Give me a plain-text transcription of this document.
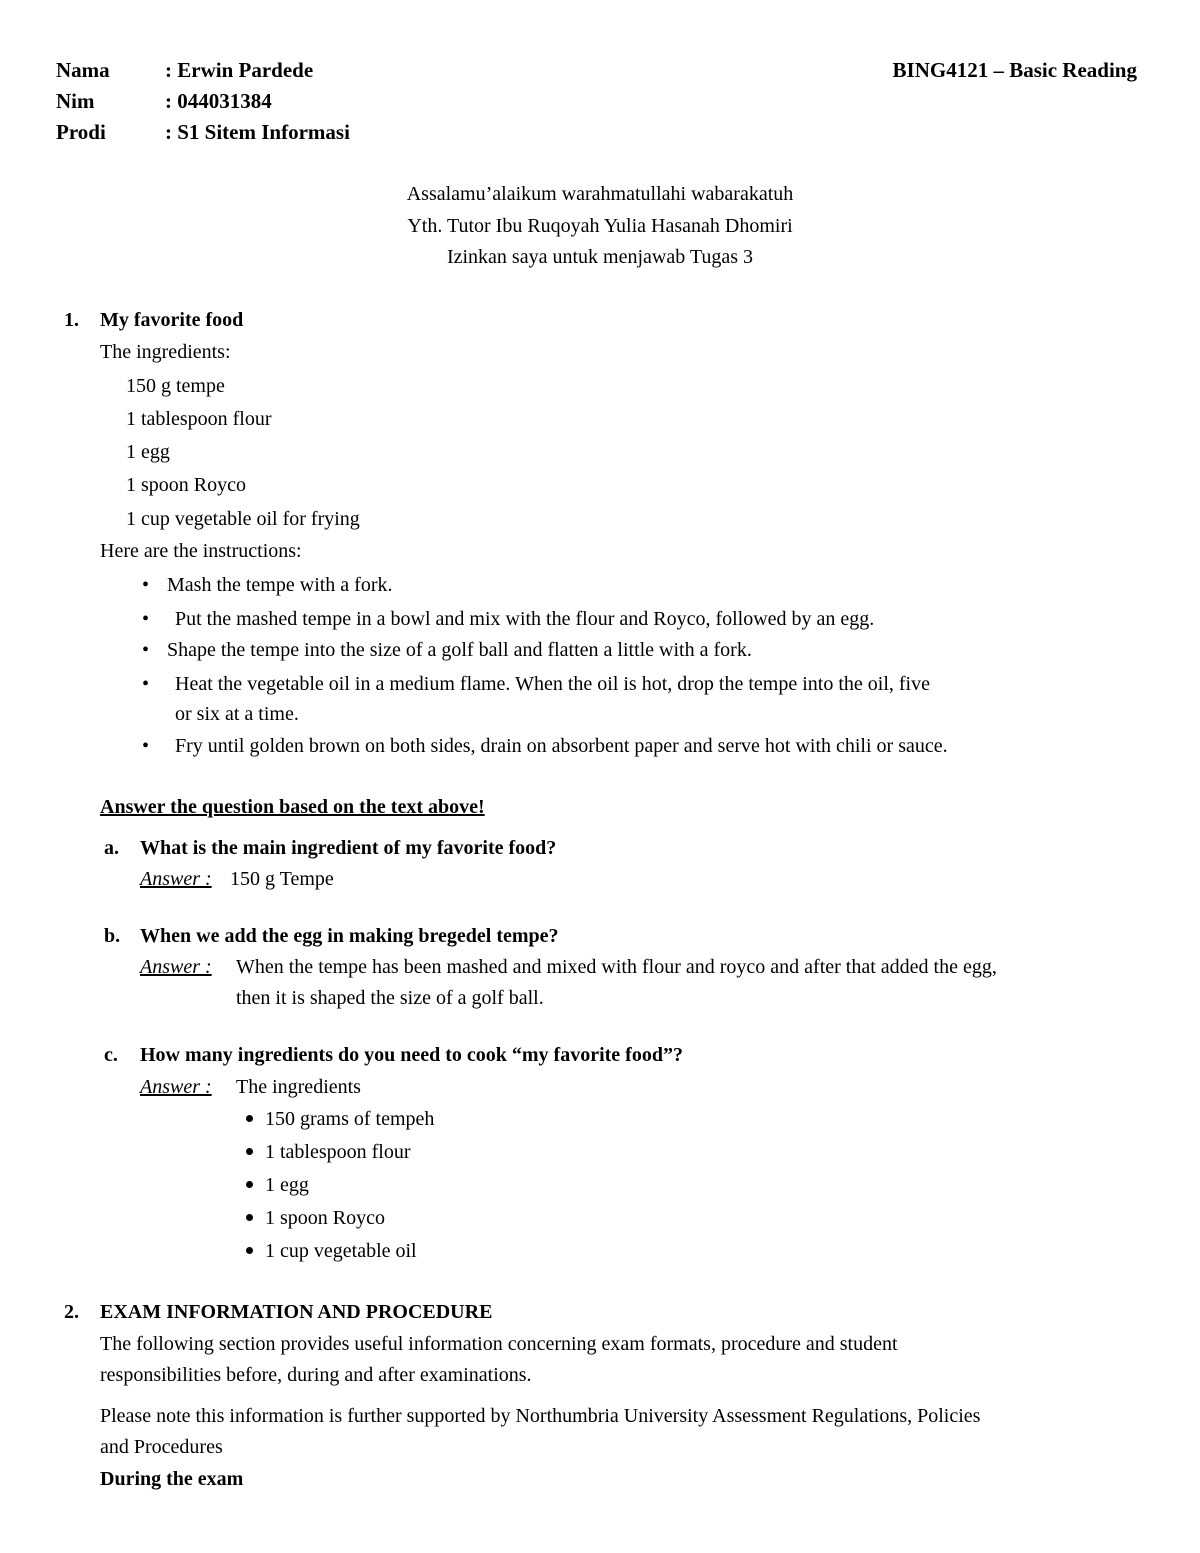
Nama	: Erwin Pardede
Nim	: 044031384
Prodi	: S1 Sitem Informasi
BING4121 – Basic Reading
Assalamu’alaikum warahmatullahi wabarakatuh
Yth. Tutor Ibu Ruqoyah Yulia Hasanah Dhomiri
Izinkan saya untuk menjawab Tugas 3
1. My favorite food
The ingredients:
150 g tempe
1 tablespoon flour
1 egg
1 spoon Royco
1 cup vegetable oil for frying
Here are the instructions:
• Mash the tempe with a fork.
• Put the mashed tempe in a bowl and mix with the flour and Royco, followed by an egg.
• Shape the tempe into the size of a golf ball and flatten a little with a fork.
• Heat the vegetable oil in a medium flame. When the oil is hot, drop the tempe into the oil, five
or six at a time.
• Fry until golden brown on both sides, drain on absorbent paper and serve hot with chili or sauce.
Answer the question based on the text above!
a. What is the main ingredient of my favorite food?
Answer : 150 g Tempe
b. When we add the egg in making bregedel tempe?
Answer : When the tempe has been mashed and mixed with flour and royco and after that added the egg,
then it is shaped the size of a golf ball.
c. How many ingredients do you need to cook “my favorite food”?
Answer : The ingredients
150 grams of tempeh
1 tablespoon flour
1 egg
1 spoon Royco
1 cup vegetable oil
2. EXAM INFORMATION AND PROCEDURE
The following section provides useful information concerning exam formats, procedure and student
responsibilities before, during and after examinations.
Please note this information is further supported by Northumbria University Assessment Regulations, Policies
and Procedures
During the exam
